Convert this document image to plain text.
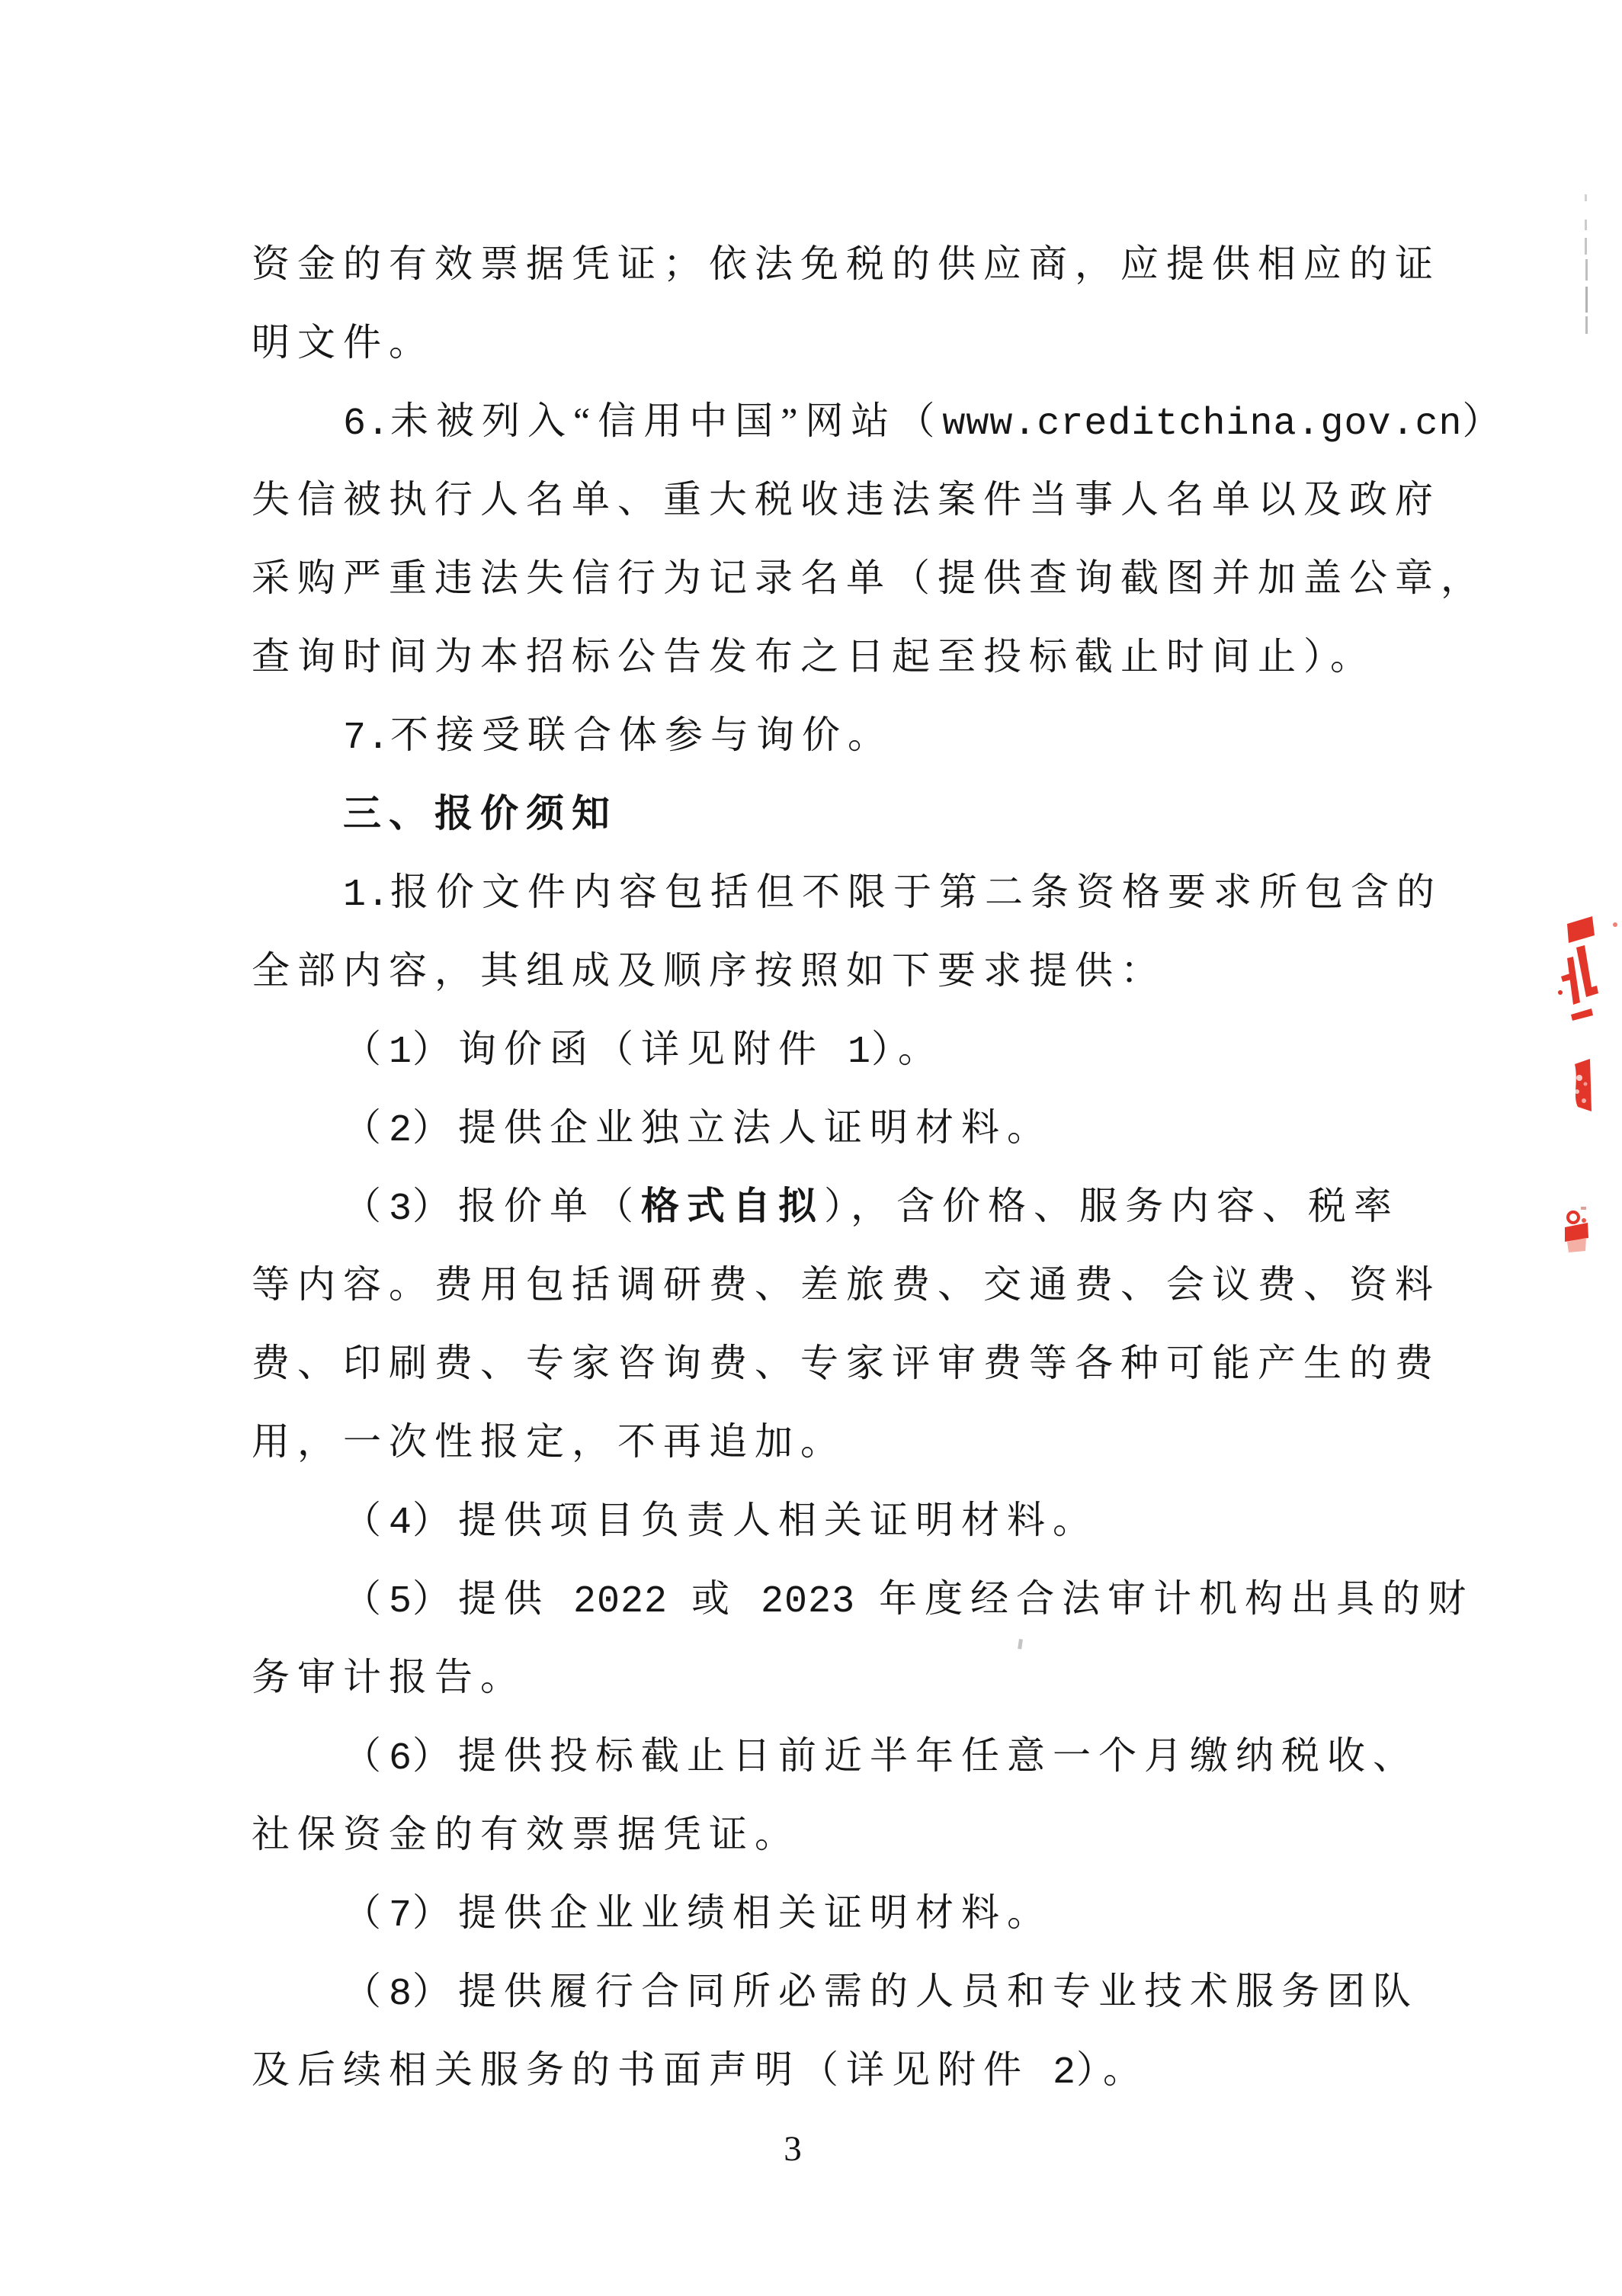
资金的有效票据凭证；依法免税的供应商，应提供相应的证
明文件。
6.未被列入“信用中国”网站（www.creditchina.gov.cn）
失信被执行人名单、重大税收违法案件当事人名单以及政府
采购严重违法失信行为记录名单（提供查询截图并加盖公章，
查询时间为本招标公告发布之日起至投标截止时间止）。
7.不接受联合体参与询价。
三、报价须知
1.报价文件内容包括但不限于第二条资格要求所包含的
全部内容，其组成及顺序按照如下要求提供：
（1）询价函（详见附件 1）。
（2）提供企业独立法人证明材料。
（3）报价单（格式自拟），含价格、服务内容、税率
等内容。费用包括调研费、差旅费、交通费、会议费、资料
费、印刷费、专家咨询费、专家评审费等各种可能产生的费
用，一次性报定，不再追加。
（4）提供项目负责人相关证明材料。
（5）提供 2022 或 2023 年度经合法审计机构出具的财
务审计报告。
（6）提供投标截止日前近半年任意一个月缴纳税收、
社保资金的有效票据凭证。
（7）提供企业业绩相关证明材料。
（8）提供履行合同所必需的人员和专业技术服务团队
及后续相关服务的书面声明（详见附件 2）。
3
